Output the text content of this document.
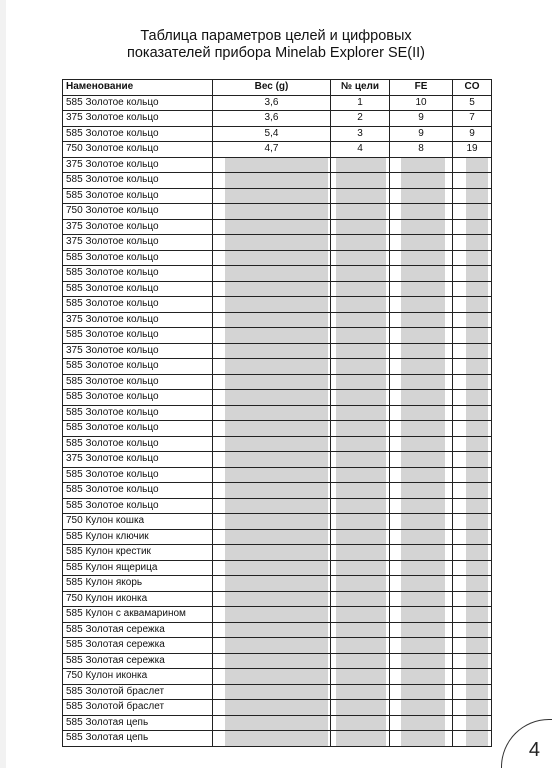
Таблица параметров целей и цифровых
показателей прибора Minelab Explorer SE(II)
Наменование	Вес (g)	№ цели	FE	CO
585 Золотое кольцо	3,6	1	10	5
375 Золотое кольцо	3,6	2	9	7
585 Золотое кольцо	5,4	3	9	9
750 Золотое кольцо	4,7	4	8	19
375 Золотое кольцо				
585 Золотое кольцо				
585 Золотое кольцо				
750 Золотое кольцо				
375 Золотое кольцо				
375 Золотое кольцо				
585 Золотое кольцо				
585 Золотое кольцо				
585 Золотое кольцо				
585 Золотое кольцо				
375 Золотое кольцо				
585 Золотое кольцо				
375 Золотое кольцо				
585 Золотое кольцо				
585 Золотое кольцо				
585 Золотое кольцо				
585 Золотое кольцо				
585 Золотое кольцо				
585 Золотое кольцо				
375 Золотое кольцо				
585 Золотое кольцо				
585 Золотое кольцо				
585 Золотое кольцо				
750 Кулон кошка				
585 Кулон ключик				
585 Кулон крестик				
585 Кулон ящерица				
585 Кулон якорь				
750 Кулон иконка				
585 Кулон с аквамарином				
585 Золотая сережка				
585 Золотая сережка				
585 Золотая сережка				
750 Кулон иконка				
585 Золотой браслет				
585 Золотой браслет				
585 Золотая цепь				
585 Золотая цепь				
4
